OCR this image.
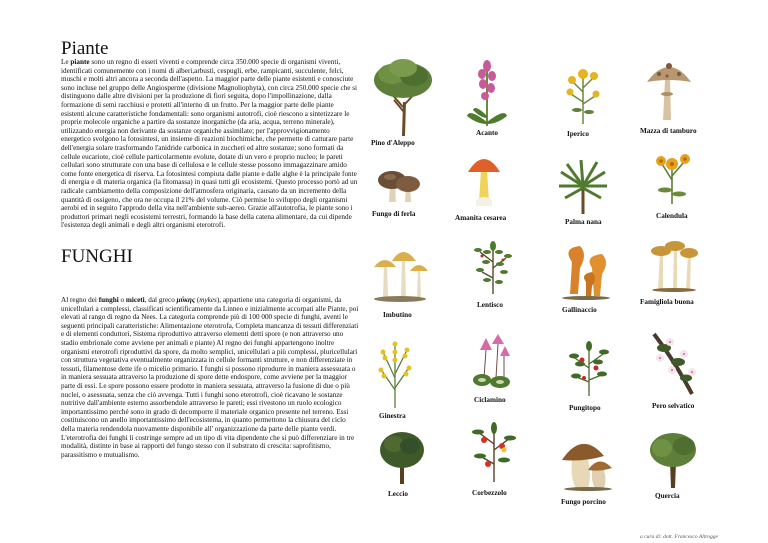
Piante

Le piante sono un regno di esseri viventi e comprende circa 350.000 specie di organismi viventi, identificati comunemente con i nomi di alberi,arbusti, cespugli, erbe, rampicanti, succulente, felci, muschi e molti altri ancora a seconda dell'aspetto. La maggior parte delle piante esistenti e conosciute sono incluse nel gruppo delle Angiosperme (divisione Magnoliophyta), con circa 250.000 specie che si distinguono dalle altre divisioni per la produzione di fiori seguita, dopo l'impollinazione, dalla formazione di semi racchiusi e protetti all'interno di un frutto. Per la maggior parte delle piante esistenti alcune caratteristiche fondamentali: sono organismi autotrofi, cioè riescono a sintetizzare le proprie molecole organiche a partire da sostanze inorganiche (da aria, acqua, terreno minerale), utilizzando energia non derivante da sostanze organiche assimilate; per l'approvvigionamento energetico svolgono la fotosintesi, un insieme di reazioni biochimiche, che permette di catturare parte dell'energia solare trasformando l'anidride carbonica in zuccheri ed altre sostanze; sono formati da cellule eucariote, cioè cellule particolarmente evolute, dotate di un vero e proprio nucleo; le pareti cellulari sono strutturate con una base di cellulosa e le cellule stesse possono immagazzinare amido come fonte energetica di riserva. La fotosintesi compiuta dalle piante e dalle alghe è la principale fonte di energia e di materia organica (la fitomassa) in quasi tutti gli ecosistemi. Questo processo portò ad un radicale cambiamento della composizione dell'atmosfera originaria, causato da un incremento della quantità di ossigeno, che ora ne occupa il 21% del volume. Ciò permise lo sviluppo degli organismi aerobi ed in seguito l'approdo della vita nell'ambiente sub-aereo. Grazie all'autotrofia, le piante sono i produttori primari negli ecosistemi terrestri, formando la base della catena alimentare, da cui dipende l'esistenza degli animali e degli altri organismi eterotrofi.

FUNGHI

Al regno dei funghi o miceti, dal greco μύκης (mykes), appartiene una categoria di organismi, da unicellulari a complessi, classificati scientificamente da Linneo e inizialmente accorpati alle Piante, poi elevati al rango di regno da Nees. La categoria comprende più di 100 000 specie di funghi, aventi le seguenti principali caratteristiche: Alimentazione eterotrofa, Completa mancanza di tessuti differenziati e di elementi conduttori, Sistema riproduttivo attraverso elementi detti spore (e non attraverso uno stadio embrionale come avviene per animali e piante) Al regno dei funghi appartengono inoltre organismi eterotrofi riproduttivi da spore, da molto semplici, unicellulari a più complessi, pluricellulari con struttura vegetativa eventualmente organizzata in cellule formanti strutture, e non differenziate in tessuti, filamentose dette ife o micelio primario. I funghi si possono riprodurre in maniera assessuata o in maniera sessuata attraverso la produzione di spore dette endospore, come avviene per la maggior parte di essi. Le spore possono essere prodotte in maniera sessuata, attraverso la fusione di due o più nuclei, o asessuata, senza che ciò avvenga. Tutti i funghi sono eterotrofi, cioè ricavano le sostanze nutritive dall'ambiente esterno assorbendole attraverso le pareti; essi rivestono un ruolo ecologico importantissimo perché sono in grado di decomporre il materiale organico presente nel terreno. Essi costituiscono un anello importantissimo dell'ecosistema, in quanto permettono la chiusura del ciclo della materia rendendola nuovamente disponibile all' organizzazione da parte delle piante verdi. L'eterotrofia dei funghi li costringe sempre ad un tipo di vita dipendente che si può differenziare in tre modalità, distinte in base ai rapporti del fungo stesso con il substrato di crescita: saprofitismo, parassitismo e mutualismo.

Pino d'Aleppo
Acanto	Iperico	Mazza di tamburo
Fungo di ferla	Amanita cesarea	Palma nana
Calendula
Imbutino
Lentisco
Gallinaccio
Famigliola buona
Ginestra
Ciclamino
Pungitopo	Pero selvatico
Leccio	Corbezzolo
Fungo porcino
Quercia
a cura di: dott. Francesco Altrogge
